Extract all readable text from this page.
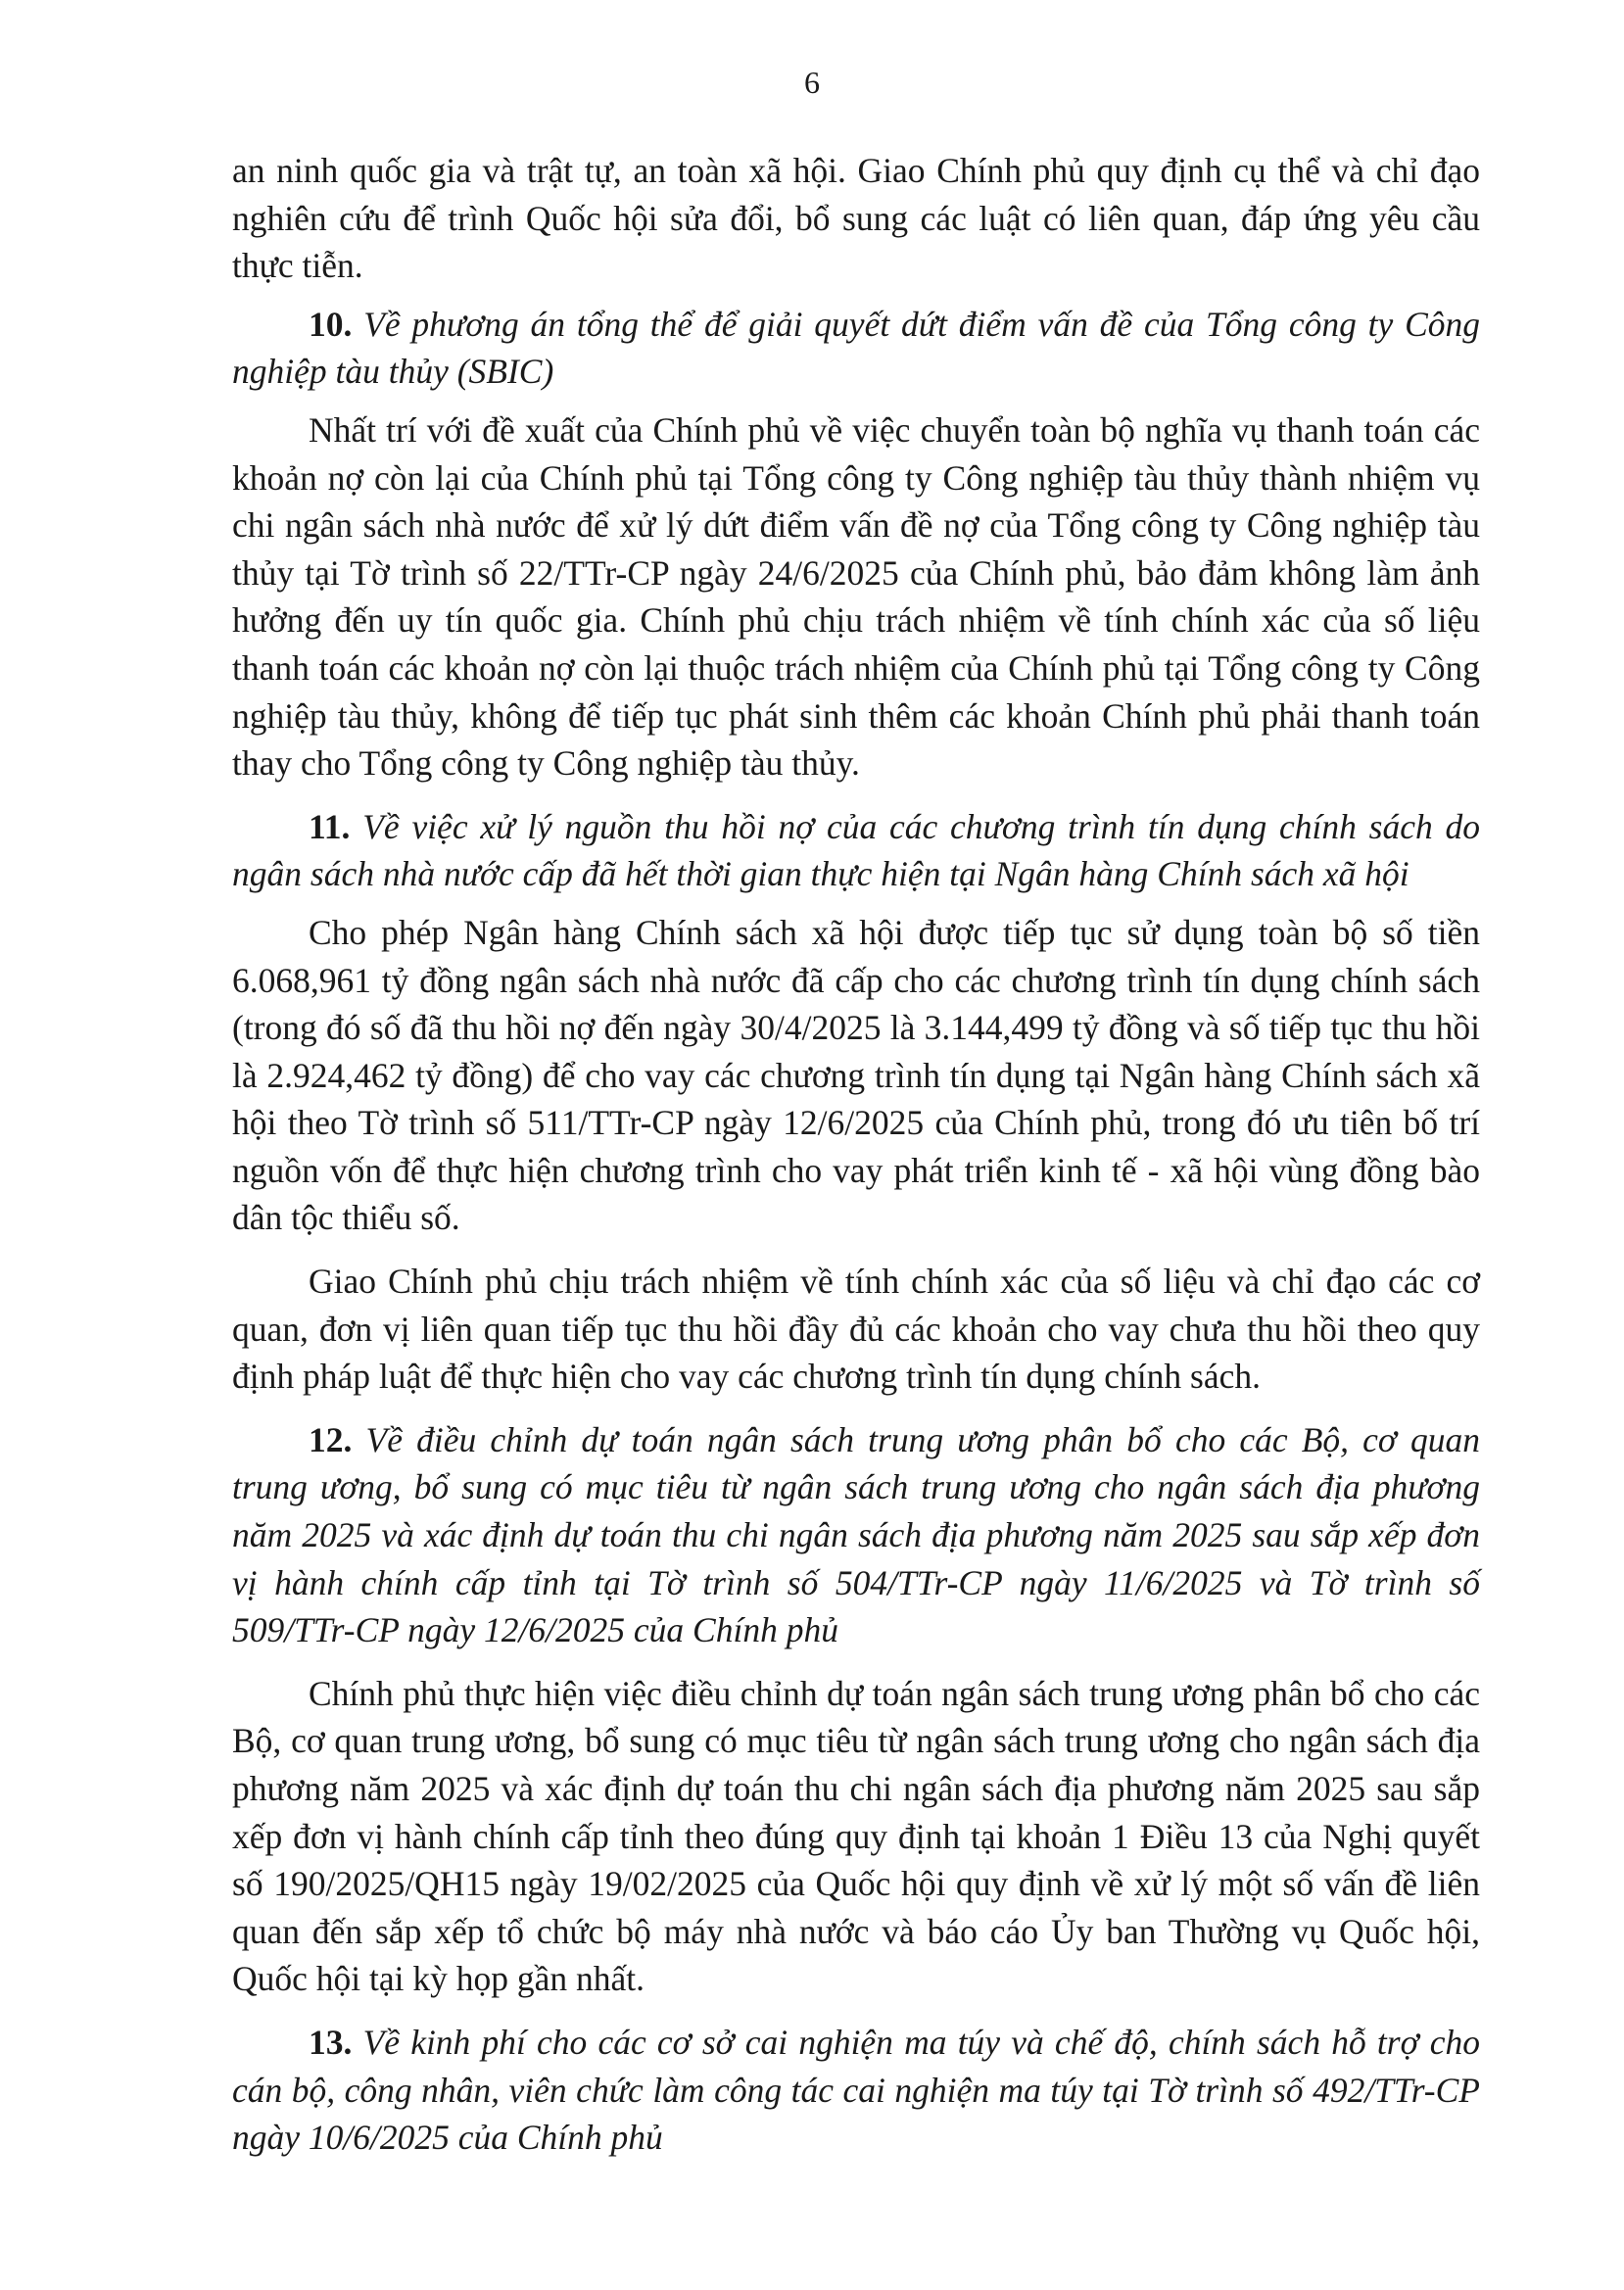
6

an ninh quốc gia và trật tự, an toàn xã hội. Giao Chính phủ quy định cụ thể và chỉ đạo nghiên cứu để trình Quốc hội sửa đổi, bổ sung các luật có liên quan, đáp ứng yêu cầu thực tiễn.

10. Về phương án tổng thể để giải quyết dứt điểm vấn đề của Tổng công ty Công nghiệp tàu thủy (SBIC)

Nhất trí với đề xuất của Chính phủ về việc chuyển toàn bộ nghĩa vụ thanh toán các khoản nợ còn lại của Chính phủ tại Tổng công ty Công nghiệp tàu thủy thành nhiệm vụ chi ngân sách nhà nước để xử lý dứt điểm vấn đề nợ của Tổng công ty Công nghiệp tàu thủy tại Tờ trình số 22/TTr-CP ngày 24/6/2025 của Chính phủ, bảo đảm không làm ảnh hưởng đến uy tín quốc gia. Chính phủ chịu trách nhiệm về tính chính xác của số liệu thanh toán các khoản nợ còn lại thuộc trách nhiệm của Chính phủ tại Tổng công ty Công nghiệp tàu thủy, không để tiếp tục phát sinh thêm các khoản Chính phủ phải thanh toán thay cho Tổng công ty Công nghiệp tàu thủy.

11. Về việc xử lý nguồn thu hồi nợ của các chương trình tín dụng chính sách do ngân sách nhà nước cấp đã hết thời gian thực hiện tại Ngân hàng Chính sách xã hội

Cho phép Ngân hàng Chính sách xã hội được tiếp tục sử dụng toàn bộ số tiền 6.068,961 tỷ đồng ngân sách nhà nước đã cấp cho các chương trình tín dụng chính sách (trong đó số đã thu hồi nợ đến ngày 30/4/2025 là 3.144,499 tỷ đồng và số tiếp tục thu hồi là 2.924,462 tỷ đồng) để cho vay các chương trình tín dụng tại Ngân hàng Chính sách xã hội theo Tờ trình số 511/TTr-CP ngày 12/6/2025 của Chính phủ, trong đó ưu tiên bố trí nguồn vốn để thực hiện chương trình cho vay phát triển kinh tế - xã hội vùng đồng bào dân tộc thiểu số.

Giao Chính phủ chịu trách nhiệm về tính chính xác của số liệu và chỉ đạo các cơ quan, đơn vị liên quan tiếp tục thu hồi đầy đủ các khoản cho vay chưa thu hồi theo quy định pháp luật để thực hiện cho vay các chương trình tín dụng chính sách.

12. Về điều chỉnh dự toán ngân sách trung ương phân bổ cho các Bộ, cơ quan trung ương, bổ sung có mục tiêu từ ngân sách trung ương cho ngân sách địa phương năm 2025 và xác định dự toán thu chi ngân sách địa phương năm 2025 sau sắp xếp đơn vị hành chính cấp tỉnh tại Tờ trình số 504/TTr-CP ngày 11/6/2025 và Tờ trình số 509/TTr-CP ngày 12/6/2025 của Chính phủ

Chính phủ thực hiện việc điều chỉnh dự toán ngân sách trung ương phân bổ cho các Bộ, cơ quan trung ương, bổ sung có mục tiêu từ ngân sách trung ương cho ngân sách địa phương năm 2025 và xác định dự toán thu chi ngân sách địa phương năm 2025 sau sắp xếp đơn vị hành chính cấp tỉnh theo đúng quy định tại khoản 1 Điều 13 của Nghị quyết số 190/2025/QH15 ngày 19/02/2025 của Quốc hội quy định về xử lý một số vấn đề liên quan đến sắp xếp tổ chức bộ máy nhà nước và báo cáo Ủy ban Thường vụ Quốc hội, Quốc hội tại kỳ họp gần nhất.

13. Về kinh phí cho các cơ sở cai nghiện ma túy và chế độ, chính sách hỗ trợ cho cán bộ, công nhân, viên chức làm công tác cai nghiện ma túy tại Tờ trình số 492/TTr-CP ngày 10/6/2025 của Chính phủ
